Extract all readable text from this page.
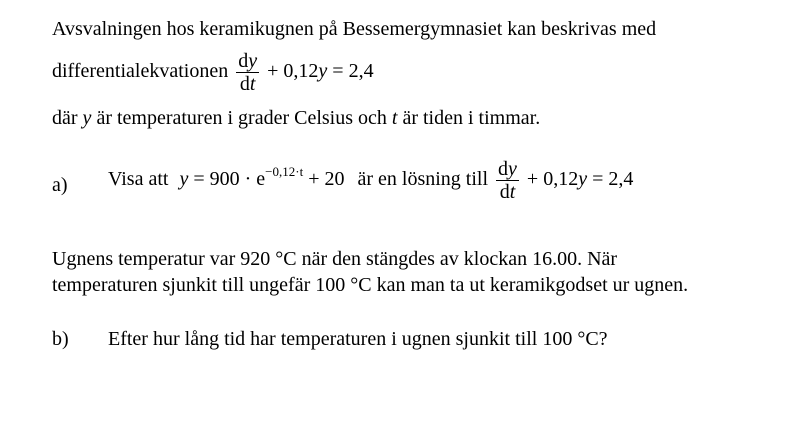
Avsvalningen hos keramikugnen på Bessemergymnasiet kan beskrivas med
differentialekvationen $\frac{dy}{dt} + 0,12y = 2,4$
där y är temperaturen i grader Celsius och t är tiden i timmar.
a) Visa att $y = 900 \cdot e^{-0,12\cdot t} + 20$ är en lösning till $\frac{dy}{dt} + 0,12y = 2,4$
Ugnens temperatur var 920 °C när den stängdes av klockan 16.00. När
temperaturen sjunkit till ungefär 100 °C kan man ta ut keramikgodset ur ugnen.
b) Efter hur lång tid har temperaturen i ugnen sjunkit till 100 °C?
